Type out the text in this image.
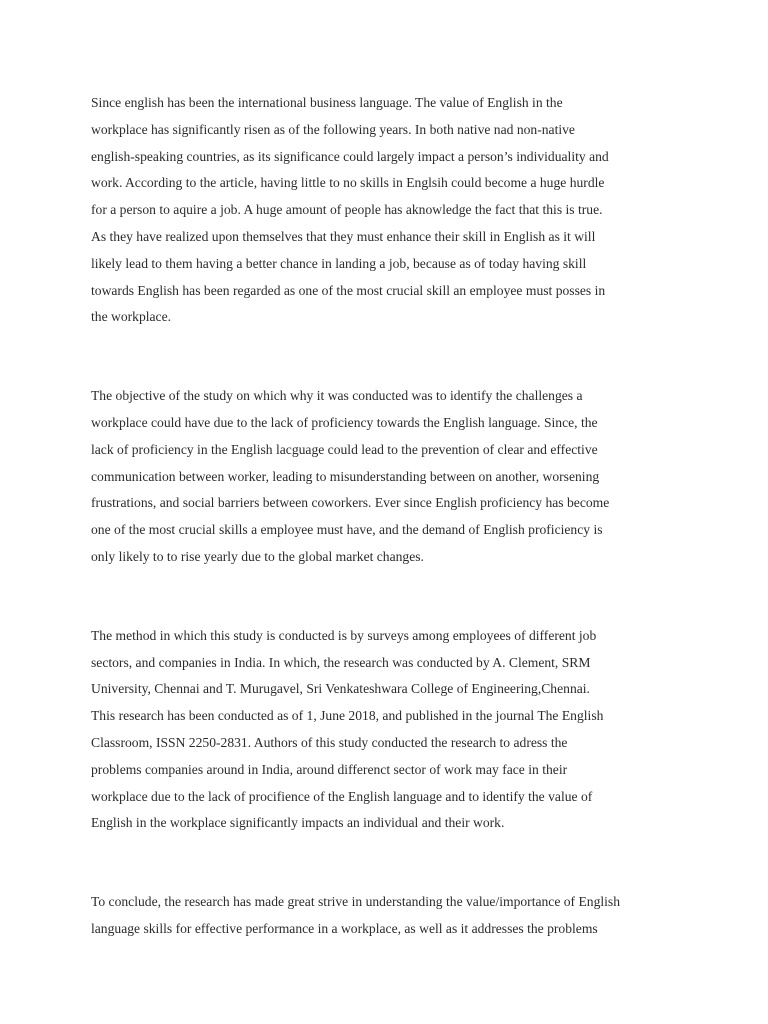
Since english has been the international business language. The value of English in the
workplace has significantly risen as of the following years. In both native nad non-native
english-speaking countries, as its significance could largely impact a person’s individuality and
work. According to the article, having little to no skills in Englsih could become a huge hurdle
for a person to aquire a job. A huge amount of people has aknowledge the fact that this is true.
As they have realized upon themselves that they must enhance their skill in English as it will
likely lead to them having a better chance in landing a job, because as of today having skill
towards English has been regarded as one of the most crucial skill an employee must posses in
the workplace.

The objective of the study on which why it was conducted was to identify the challenges a
workplace could have due to the lack of proficiency towards the English language. Since, the
lack of proficiency in the English lacguage could lead to the prevention of clear and effective
communication between worker, leading to misunderstanding between on another, worsening
frustrations, and social barriers between coworkers. Ever since English proficiency has become
one of the most crucial skills a employee must have, and the demand of English proficiency is
only likely to to rise yearly due to the global market changes.

The method in which this study is conducted is by surveys among employees of different job
sectors, and companies in India. In which, the research was conducted by A. Clement, SRM
University, Chennai and T. Murugavel, Sri Venkateshwara College of Engineering,Chennai.
This research has been conducted as of 1, June 2018, and published in the journal The English
Classroom, ISSN 2250-2831. Authors of this study conducted the research to adress the
problems companies around in India, around differenct sector of work may face in their
workplace due to the lack of procifience of the English language and to identify the value of
English in the workplace significantly impacts an individual and their work.

To conclude, the research has made great strive in understanding the value/importance of English
language skills for effective performance in a workplace, as well as it addresses the problems
